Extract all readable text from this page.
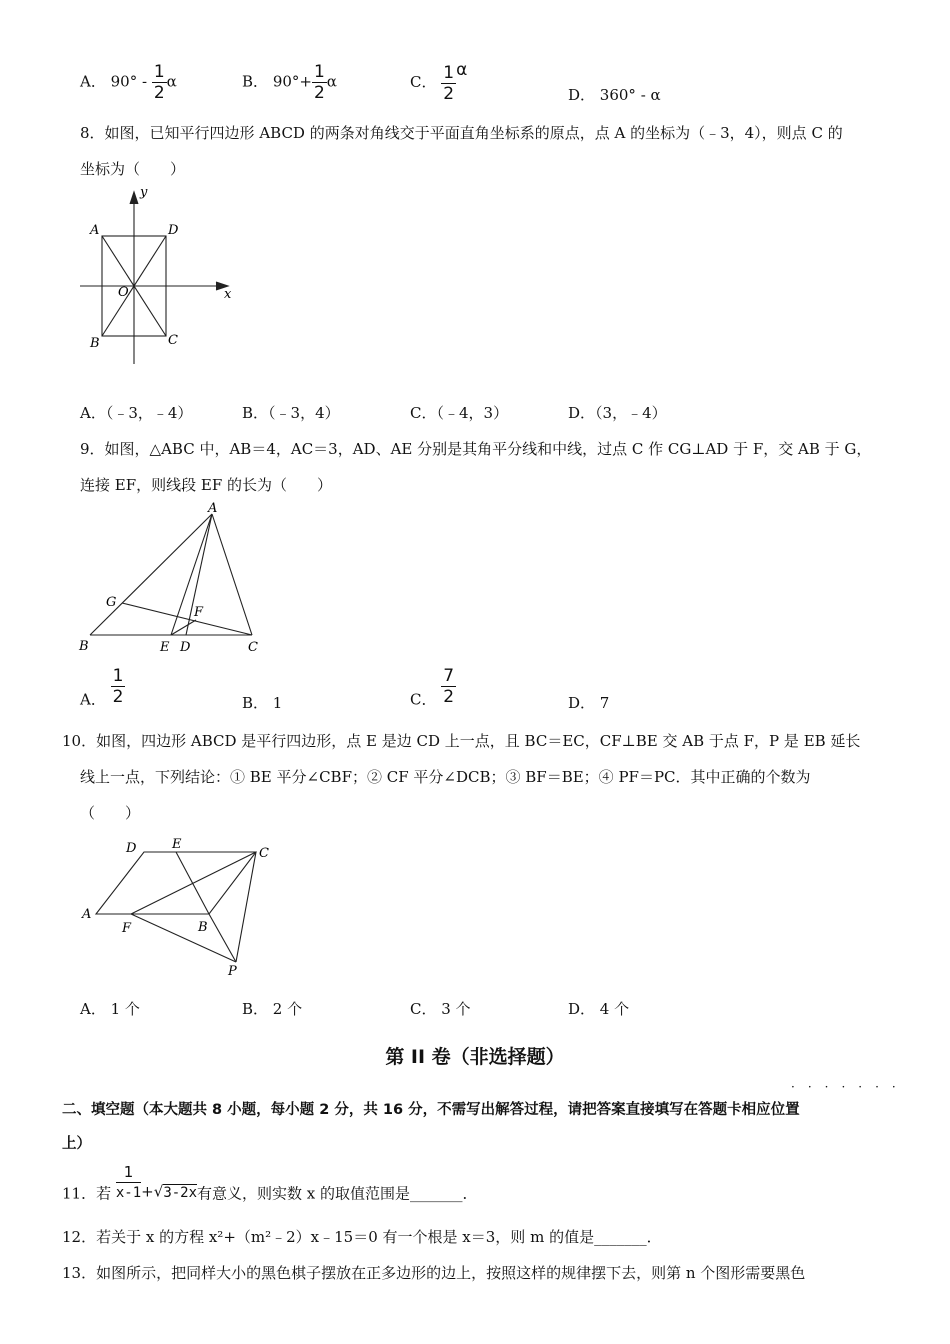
A． $90^\circ - \frac{1}{2}$ α	B． $90^\circ+ \frac{1}{2}$ α	C． $\frac{1}{2}$ α
D． 360° - α
8．如图，已知平行四边形 ABCD 的两条对角线交于平面直角坐标系的原点，点 A 的坐标为（﹣3，4），则点 C 的
坐标为（　　）
y
x
A	D
O
B	C
A．（﹣3，﹣4）	B．（﹣3，4）	C．（﹣4，3）	D．（3，﹣4）
9．如图，△ABC 中，AB＝4，AC＝3，AD、AE 分别是其角平分线和中线，过点 C 作 CG⊥AD 于 F，交 AB 于 G，
连接 EF，则线段 EF 的长为（　　）
A
G
F
B	E D	C
A． $\frac{1}{2}$	B． 1	C． $\frac{7}{2}$	D． 7
10．如图，四边形 ABCD 是平行四边形，点 E 是边 CD 上一点，且 BC＝EC，CF⊥BE 交 AB 于点 F，P 是 EB 延长
线上一点，下列结论：① BE 平分∠CBF；② CF 平分∠DCB；③ BF＝BE；④ PF＝PC．其中正确的个数为
（　　）
D	E
C
A
F	B
P
A． 1 个	B． 2 个	C． 3 个	D． 4 个
第 II 卷（非选择题）
·······
二、填空题（本大题共 8 小题，每小题 2 分，共 16 分，不需写出解答过程，请把答案直接填写在答题卡相应位置
上）
11．若 $\frac{1}{x-1} +√3-2x$有意义，则实数 x 的取值范围是_______．
12．若关于 x 的方程 x²+（m²﹣2）x﹣15＝0 有一个根是 x＝3，则 m 的值是_______．
13．如图所示，把同样大小的黑色棋子摆放在正多边形的边上，按照这样的规律摆下去，则第 n 个图形需要黑色
